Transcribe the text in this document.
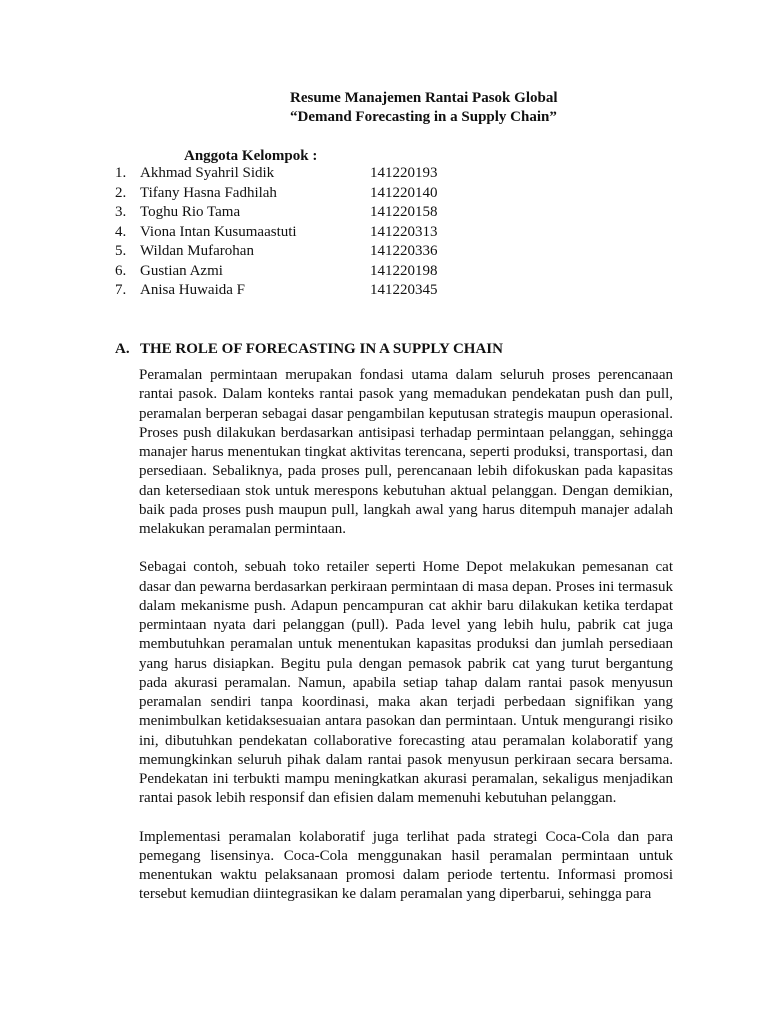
Resume Manajemen Rantai Pasok Global
“Demand Forecasting in a Supply Chain”
Anggota Kelompok :
1. Akhmad Syahril Sidik	141220193
2. Tifany Hasna Fadhilah	141220140
3. Toghu Rio Tama	141220158
4. Viona Intan Kusumaastuti	141220313
5. Wildan Mufarohan	141220336
6. Gustian Azmi	141220198
7. Anisa Huwaida F	141220345
A. THE ROLE OF FORECASTING IN A SUPPLY CHAIN

Peramalan permintaan merupakan fondasi utama dalam seluruh proses perencanaan rantai pasok. Dalam konteks rantai pasok yang memadukan pendekatan push dan pull, peramalan berperan sebagai dasar pengambilan keputusan strategis maupun operasional. Proses push dilakukan berdasarkan antisipasi terhadap permintaan pelanggan, sehingga manajer harus menentukan tingkat aktivitas terencana, seperti produksi, transportasi, dan persediaan. Sebaliknya, pada proses pull, perencanaan lebih difokuskan pada kapasitas dan ketersediaan stok untuk merespons kebutuhan aktual pelanggan. Dengan demikian, baik pada proses push maupun pull, langkah awal yang harus ditempuh manajer adalah melakukan peramalan permintaan.

Sebagai contoh, sebuah toko retailer seperti Home Depot melakukan pemesanan cat dasar dan pewarna berdasarkan perkiraan permintaan di masa depan. Proses ini termasuk dalam mekanisme push. Adapun pencampuran cat akhir baru dilakukan ketika terdapat permintaan nyata dari pelanggan (pull). Pada level yang lebih hulu, pabrik cat juga membutuhkan peramalan untuk menentukan kapasitas produksi dan jumlah persediaan yang harus disiapkan. Begitu pula dengan pemasok pabrik cat yang turut bergantung pada akurasi peramalan. Namun, apabila setiap tahap dalam rantai pasok menyusun peramalan sendiri tanpa koordinasi, maka akan terjadi perbedaan signifikan yang menimbulkan ketidaksesuaian antara pasokan dan permintaan. Untuk mengurangi risiko ini, dibutuhkan pendekatan collaborative forecasting atau peramalan kolaboratif yang memungkinkan seluruh pihak dalam rantai pasok menyusun perkiraan secara bersama. Pendekatan ini terbukti mampu meningkatkan akurasi peramalan, sekaligus menjadikan rantai pasok lebih responsif dan efisien dalam memenuhi kebutuhan pelanggan.

Implementasi peramalan kolaboratif juga terlihat pada strategi Coca-Cola dan para pemegang lisensinya. Coca-Cola menggunakan hasil peramalan permintaan untuk menentukan waktu pelaksanaan promosi dalam periode tertentu. Informasi promosi tersebut kemudian diintegrasikan ke dalam peramalan yang diperbarui, sehingga para
